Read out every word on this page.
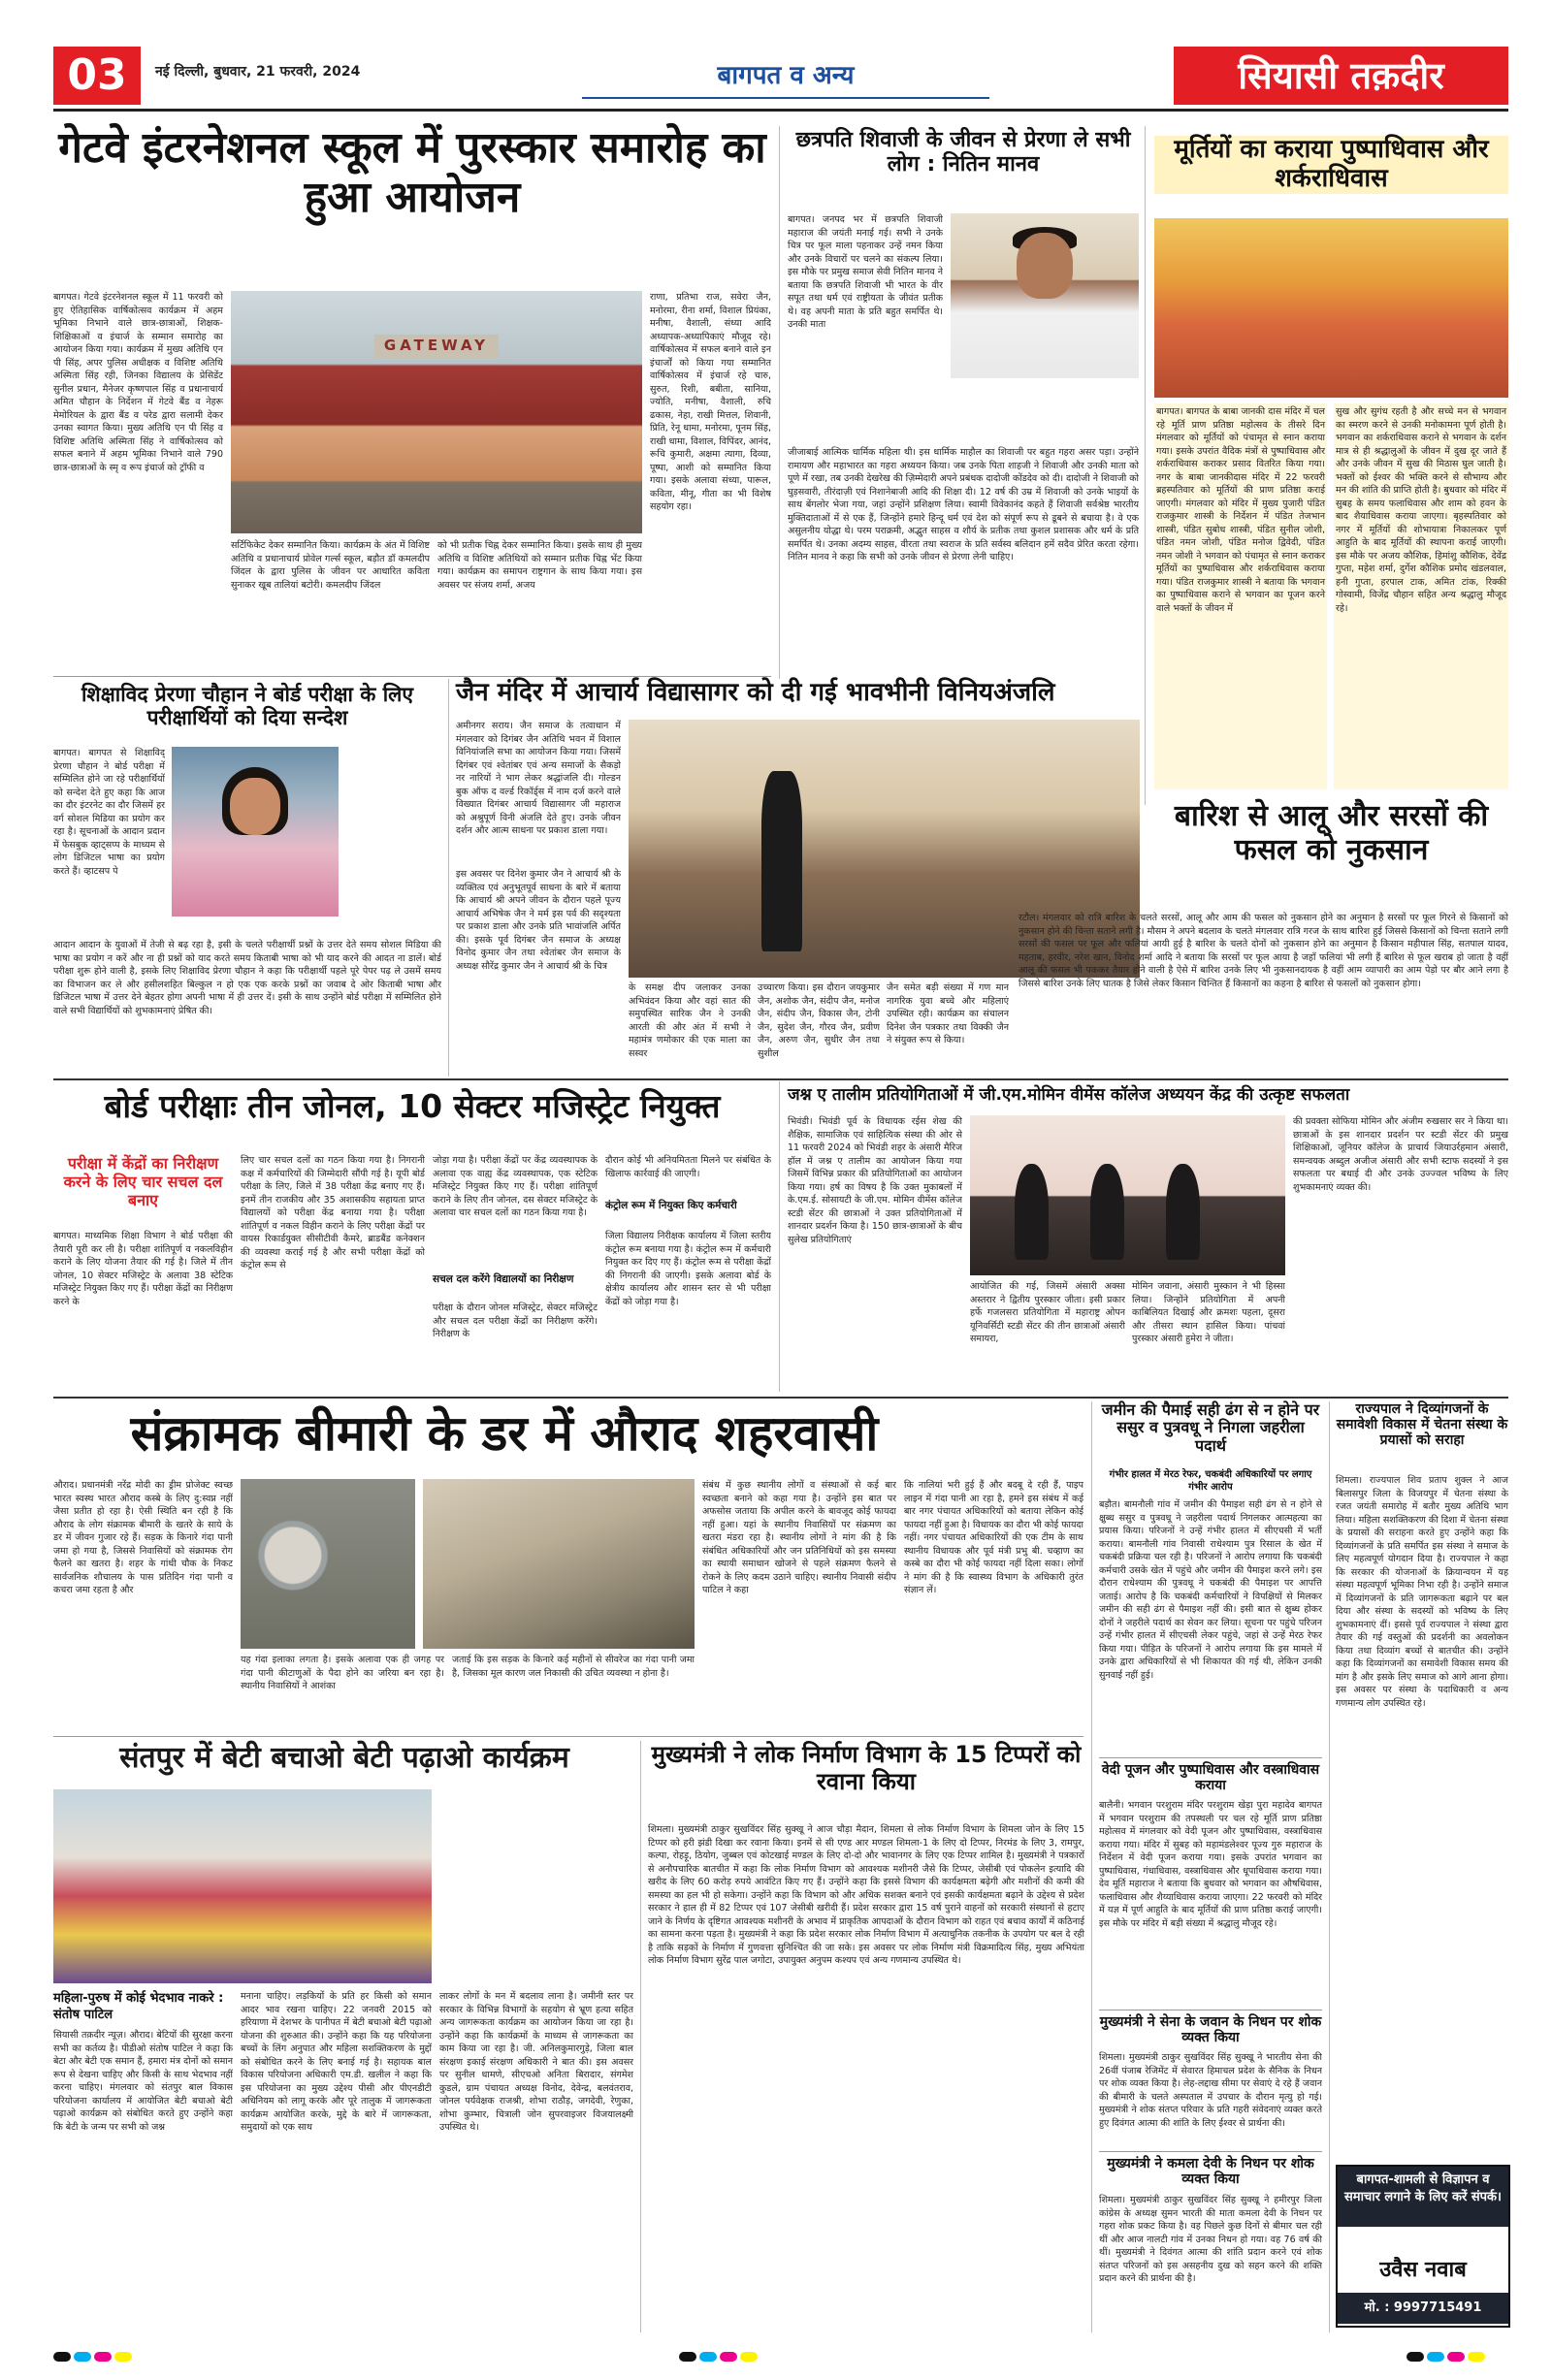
03	नई दिल्ली, बुधवार, 21 फरवरी, 2024	बागपत व अन्य	सियासी तक़दीर
गेटवे इंटरनेशनल स्कूल में पुरस्कार समारोह का हुआ आयोजन
बागपत। गेटवे इंटरनेशनल स्कूल में 11 फरवरी को हुए ऐतिहासिक वार्षिकोत्सव कार्यक्रम में अहम भूमिका निभाने वाले छात्र-छात्राओं, शिक्षक-शिक्षिकाओं व इंचार्ज के सम्मान समारोह का आयोजन किया गया। कार्यक्रम में मुख्य अतिथि एन पी सिंह, अपर पुलिस अधीक्षक व विशिष्ट अतिथि अस्मिता सिंह रही, जिनका विद्यालय के प्रेसिडेंट सुनील प्रधान, मैनेजर कृष्णपाल सिंह व प्रधानाचार्य अमित चौहान के निर्देशन में गेटवे बैंड व नेहरू मेमोरियल के द्वारा बैंड व परेड द्वारा सलामी देकर उनका स्वागत किया। मुख्य अतिथि एन पी सिंह व विशिष्ट अतिथि अस्मिता सिंह ने वार्षिकोत्सव को सफल बनाने में अहम भूमिका निभाने वाले 790 छात्र-छात्राओं के स्मृ व रूप इंचार्ज को ट्रॉफी व
GATEWAY
सर्टिफिकेट देकर सम्मानित किया। कार्यक्रम के अंत में विशिष्ट अतिथि व प्रधानाचार्य प्रोवेल गर्ल्स स्कूल, बड़ौत डॉ कमलदीप जिंदल के द्वारा पुलिस के जीवन पर आधारित कविता सुनाकर खूब तालियां बटोरी। कमलदीप जिंदल
को भी प्रतीक चिह्न देकर सम्मानित किया। इसके साथ ही मुख्य अतिथि व विशिष्ट अतिथियों को सम्मान प्रतीक चिह्न भेंट किया गया। कार्यक्रम का समापन राष्ट्रगान के साथ किया गया। इस अवसर पर संजय शर्मा, अजय
राणा, प्रतिभा राज, सवेरा जैन, मनोरमा, रीना शर्मा, विशाल प्रियंका, मनीषा, वैशाली, संध्या आदि अध्यापक-अध्यापिकाएं मौजूद रहे। वार्षिकोत्सव में सफल बनाने वाले इन इंचार्जों को किया गया सम्मानित वार्षिकोत्सव में इंचार्ज रहे चारु, सुरुत, रिशी, बबीता, सानिया, ज्योति, मनीषा, वैशाली, रुचि ढकास, नेहा, राखी मित्तल, शिवानी, प्रिति, रेनू धामा, मनोरमा, पूनम सिंह, राखी धामा, विशाल, विपिंदर, आनंद, रूचि कुमारी, अक्षमा त्यागा, दिव्या, पूष्पा, आशी को सम्मानित किया गया। इसके अलावा संध्या, पारूल, कविता, मीनू, गीता का भी विशेष सहयोग रहा।
छत्रपति शिवाजी के जीवन से प्रेरणा ले सभी लोग : नितिन मानव
बागपत। जनपद भर में छत्रपति शिवाजी महाराज की जयंती मनाई गई। सभी ने उनके चित्र पर फूल माला पहनाकर उन्हें नमन किया और उनके विचारों पर चलने का संकल्प लिया। इस मौके पर प्रमुख समाज सेवी नितिन मानव ने बताया कि छत्रपति शिवाजी भी भारत के वीर सपूत तथा धर्म एवं राष्ट्रीयता के जीवंत प्रतीक थे। वह अपनी माता के प्रति बहुत समर्पित थे। उनकी माता
जीजाबाई आत्मिक धार्मिक महिला थी। इस धार्मिक माहौल का शिवाजी पर बहुत गहरा असर पड़ा। उन्होंने रामायण और महाभारत का गहरा अध्ययन किया। जब उनके पिता शाहजी ने शिवाजी और उनकी माता को पूणे में रखा, तब उनकी देखरेख की ज़िम्मेदारी अपने प्रबंधक दादोजी कोंडदेव को दी। दादोजी ने शिवाजी को घुड़सवारी, तीरंदाज़ी एवं निशानेबाजी आदि की शिक्षा दी। 12 वर्ष की उम्र में शिवाजी को उनके भाइयों के साथ बेंगलोर भेजा गया, जहां उन्होंने प्रशिक्षण लिया। स्वामी विवेकानंद कहते हैं शिवाजी सर्वश्रेष्ठ भारतीय मुक्तिदाताओं में से एक हैं, जिन्होंने हमारे हिन्दू धर्म एवं देश को संपूर्ण रूप से डूबने से बचाया है। वे एक असुलनीय योद्धा थे। परम पराक्रमी, अद्भुत साहस व शौर्य के प्रतीक तथा कुशल प्रशासक और धर्म के प्रति समर्पित थे। उनका अदम्य साहस, वीरता तथा स्वराज के प्रति सर्वस्व बलिदान हमें सदैव प्रेरित करता रहेगा। नितिन मानव ने कहा कि सभी को उनके जीवन से प्रेरणा लेनी चाहिए।
मूर्तियों का कराया पुष्पाधिवास और शर्कराधिवास
बागपत। बागपत के बाबा जानकी दास मंदिर में चल रहे मूर्ति प्राण प्रतिष्ठा महोत्सव के तीसरे दिन मंगलवार को मूर्तियों को पंचामृत से स्नान कराया गया। इसके उपरांत वैदिक मंत्रों से पुष्पाधिवास और शर्कराधिवास कराकर प्रसाद वितरित किया गया। नगर के बाबा जानकीदास मंदिर में 22 फरवरी ब्रहस्पतिवार को मूर्तियों की प्राण प्रतिष्ठा कराई जाएगी। मंगलवार को मंदिर में मुख्य पुजारी पंडित राजकुमार शास्त्री के निर्देशन में पंडित तेजभान शास्त्री, पंडित सुबोध शास्त्री, पंडित सुनील जोशी, पंडित नमन जोशी, पंडित मनोज द्विवेदी, पंडित नमन जोशी ने भगवान को पंचामृत से स्नान कराकर मूर्तियों का पुष्पाधिवास और शर्कराधिवास कराया गया। पंडित राजकुमार शास्त्री ने बताया कि भगवान का पुष्पाधिवास कराने से भगवान का पूजन करने वाले भक्तों के जीवन में
सुख और सुगंध रहती है और सच्चे मन से भगवान का स्मरण करने से उनकी मनोकामना पूर्ण होती है। भगवान का शर्कराधिवास कराने से भगवान के दर्शन मात्र से ही श्रद्धालुओं के जीवन में दुख दूर जाते हैं और उनके जीवन में सुख की मिठास घुल जाती है। भक्तों को ईश्वर की भक्ति करने से सौभाग्य और मन की शांति की प्राप्ति होती है। बुधवार को मंदिर में सुबह के समय फलाधिवास और शाम को हवन के बाद शैयाधिवास कराया जाएगा। बृहस्पतिवार को नगर में मूर्तियों की शोभायात्रा निकालकर पूर्ण आहुति के बाद मूर्तियों की स्थापना कराई जाएगी। इस मौके पर अजय कौशिक, हिमांशु कौशिक, देवेंद्र गुप्ता, महेश शर्मा, दुर्गेश कौशिक प्रमोद खंडलवाल, हनी गुप्ता, हरपाल टाक, अमित टांक, रिक्की गोस्वामी, विजेंद्र चौहान सहित अन्य श्रद्धालु मौजूद रहे।
शिक्षाविद प्रेरणा चौहान ने बोर्ड परीक्षा के लिए परीक्षार्थियों को दिया सन्देश
बागपत। बागपत से शिक्षाविद् प्रेरणा चौहान ने बोर्ड परीक्षा में सम्मिलित होने जा रहे परीक्षार्थियों को सन्देश देते हुए कहा कि आज का दौर इंटरनेट का दौर जिसमें हर वर्ग सोशल मिडिया का प्रयोग कर रहा है। सूचनाओं के आदान प्रदान में फेसबुक व्हाट्सप्प के माध्यम से लोग डिजिटल भाषा का प्रयोग करते हैं। व्हाटसप पे
आदान आदान के युवाओं में तेजी से बढ़ रहा है, इसी के चलते परीक्षार्थी प्रश्नों के उत्तर देते समय सोशल मिडिया की भाषा का प्रयोग न करें और ना ही प्रश्नों को याद करते समय किताबी भाषा को भी याद करने की आदत ना डालें। बोर्ड परीक्षा शुरू होने वाली है, इसके लिए शिक्षाविद प्रेरणा चौहान ने कहा कि परीक्षार्थी पहले पूरे पेपर पढ़ ले उसमें समय का विभाजन कर ले और हसीलशहित बिल्कुल न हो एक एक करके प्रश्नों का जवाब दे ओर किताबी भाषा और डिजिटल भाषा में उत्तर देने बेहतर होगा अपनी भाषा में ही उत्तर दें। इसी के साथ उन्होंने बोर्ड परीक्षा में सम्मिलित होने वाले सभी विद्यार्थियों को शुभकामनाएं प्रेषित की।
जैन मंदिर में आचार्य विद्यासागर को दी गई भावभीनी विनियअंजलि
अमीनगर सराय। जैन समाज के तत्वाधान में मंगलवार को दिगंबर जैन अतिथि भवन में विशाल विनियांजलि सभा का आयोजन किया गया। जिसमें दिगंबर एवं श्वेतांबर एवं अन्य समाजों के सैकड़ो नर नारियों ने भाग लेकर श्रद्धांजलि दी। गोल्डन बुक ऑफ द वर्ल्ड रिकॉर्ड्स में नाम दर्ज करने वाले विख्यात दिगंबर आचार्य विद्यासागर जी महाराज को अश्रुपूर्ण विनी अंजलि देते हुए। उनके जीवन दर्शन और आत्म साधना पर प्रकाश डाला गया।
इस अवसर पर दिनेश कुमार जैन ने आचार्य श्री के व्यक्तित्व एवं अनुभूतपूर्व साधना के बारे में बताया कि आचार्य श्री अपने जीवन के दौरान पहले पूज्य आचार्य अभिषेक जैन ने मर्म इस पर्व की सदृश्यता पर प्रकाश डाला और उनके प्रति भावांजलि अर्पित की। इसके पूर्व दिगंबर जैन समाज के अध्यक्ष विनोद कुमार जैन तथा श्वेतांबर जैन समाज के अध्यक्ष सौरेंद्र कुमार जैन ने आचार्य श्री के चित्र
के समक्ष दीप जलाकर उनका अभिवंदन किया और वहां सात की समुपस्थित सारिक जैन ने उनकी आरती की और अंत में सभी ने महामंत्र णमोकार की एक माला का सस्वर
उच्चारण किया। इस दौरान जयकुमार जैन, अशोक जैन, संदीप जैन, मनोज जैन, संदीप जैन, विकास जैन, टोनी जैन, सुदेश जैन, गौरव जैन, प्रवीण जैन, अरुण जैन, सुधीर जैन तथा सुशील
जैन समेत बड़ी संख्या में गण मान नागरिक युवा बच्चे और महिलाएं उपस्थित रही। कार्यक्रम का संचालन दिनेश जैन पत्रकार तथा विक्की जैन ने संयुक्त रूप से किया।
बारिश से आलू और सरसों की फसल को नुकसान
रटौल। मंगलवार को रात्रि बारिश के चलते सरसों, आलू और आम की फसल को नुकसान होने का अनुमान है सरसों पर फूल गिरने से किसानों को नुकसान होने की चिन्ता सताने लगी है। मौसम ने अपने बदलाव के चलते मंगलवार रात्रि गरज के साथ बारिश हुई जिससे किसानों को चिन्ता सताने लगी सरसों की फसल पर फूल और फलियां आयी हुई है बारिश के चलते दोनों को नुकसान होने का अनुमान है किसान महीपाल सिंह, सतपाल यादव, महताब, हरवीर, नरेश खान, विनोद शर्मा आदि ने बताया कि सरसों पर फूल आया है जहाँ फलियां भी लगी हैं बारिश से फूल खराब हो जाता है वहीं आलू की फसल भी पककर तैयार होने वाली है ऐसे में बारिश उनके लिए भी नुकसानदायक है वहीं आम व्यापारी का आम पेड़ो पर बौर आने लगा है जिससे बारिश उनके लिए घातक है जिसे लेकर किसान चिन्तित हैं किसानों का कहना है बारिश से फसलों को नुकसान होगा।
बोर्ड परीक्षाः तीन जोनल, 10 सेक्टर मजिस्ट्रेट नियुक्त
परीक्षा में केंद्रों का निरीक्षण करने के लिए चार सचल दल बनाए
बागपत। माध्यमिक शिक्षा विभाग ने बोर्ड परीक्षा की तैयारी पूरी कर ली है। परीक्षा शांतिपूर्ण व नकलविहीन कराने के लिए योजना तैयार की गई है। जिले में तीन जोनल, 10 सेक्टर मजिस्ट्रेट के अलावा 38 स्टेटिक मजिस्ट्रेट नियुक्त किए गए हैं। परीक्षा केंद्रों का निरीक्षण करने के
लिए चार सचल दलों का गठन किया गया है। निगरानी कक्ष में कर्मचारियों की जिम्मेदारी सौंपी गई है। यूपी बोर्ड परीक्षा के लिए, जिले में 38 परीक्षा केंद्र बनाए गए हैं। इनमें तीन राजकीय और 35 अशासकीय सहायता प्राप्त विद्यालयों को परीक्षा केंद्र बनाया गया है। परीक्षा शांतिपूर्ण व नकल विहीन कराने के लिए परीक्षा केंद्रों पर वायस रिकार्डयुक्त सीसीटीवी कैमरे, ब्राडबैंड कनेक्शन की व्यवस्था कराई गई है और सभी परीक्षा केंद्रों को कंट्रोल रूम से
जोड़ा गया है। परीक्षा केंद्रों पर केंद्र व्यवस्थापक के अलावा एक वाह्य केंद्र व्यवस्थापक, एक स्टेटिक मजिस्ट्रेट नियुक्त किए गए हैं। परीक्षा शांतिपूर्ण कराने के लिए तीन जोनल, दस सेक्टर मजिस्ट्रेट के अलावा चार सचल दलों का गठन किया गया है।
सचल दल करेंगे विद्यालयों का निरीक्षण
परीक्षा के दौरान जोनल मजिस्ट्रेट, सेक्टर मजिस्ट्रेट और सचल दल परीक्षा केंद्रों का निरीक्षण करेंगे। निरीक्षण के
दौरान कोई भी अनियमितता मिलने पर संबंधित के खिलाफ कार्रवाई की जाएगी।
कंट्रोल रूम में नियुक्त किए कर्मचारी
जिला विद्यालय निरीक्षक कार्यालय में जिला स्तरीय कंट्रोल रूम बनाया गया है। कंट्रोल रूम में कर्मचारी नियुक्त कर दिए गए हैं। कंट्रोल रूम से परीक्षा केंद्रों की निगरानी की जाएगी। इसके अलावा बोर्ड के क्षेत्रीय कार्यालय और शासन स्तर से भी परीक्षा केंद्रों को जोड़ा गया है।
जश्न ए तालीम प्रतियोगिताओं में जी.एम.मोमिन वीमेंस कॉलेज अध्ययन केंद्र की उत्कृष्ट सफलता
भिवंडी। भिवंडी पूर्व के विधायक रईस शेख की शैक्षिक, सामाजिक एवं साहित्यिक संस्था की ओर से 11 फरवरी 2024 को भिवंडी शहर के अंसारी मैरिज हॉल में जश्न ए तालीम का आयोजन किया गया जिसमें विभिन्न प्रकार की प्रतियोगिताओं का आयोजन किया गया। हर्ष का विषय है कि उक्त मुकाबलों में के.एम.ई. सोसायटी के जी.एम. मोमिन वीमेंस कॉलेज स्टडी सेंटर की छात्राओं ने उक्त प्रतियोगिताओं में शानदार प्रदर्शन किया है। 150 छात्र-छात्राओं के बीच सुलेख प्रतियोगिताएं
आयोजित की गई, जिसमें अंसारी अक्सा अस्तरार ने द्वितीय पुरस्कार जीता। इसी प्रकार हर्फे गजलसरा प्रतियोगिता में महाराष्ट्र ओपन यूनिवर्सिटी स्टडी सेंटर की तीन छात्राओं अंसारी समायरा,
मोमिन जवाना, अंसारी मुस्कान ने भी हिस्सा लिया। जिन्होंने प्रतियोगिता में अपनी काबिलियत दिखाई और क्रमशः पहला, दूसरा और तीसरा स्थान हासिल किया। पांचवां पुरस्कार अंसारी हुमेरा ने जीता।
की प्रवक्ता सोफिया मोमिन और अंजीम रुखसार सर ने किया था। छात्राओं के इस शानदार प्रदर्शन पर स्टडी सेंटर की प्रमुख शिक्षिकाओं, जूनियर कॉलेज के प्राचार्य जियाउर्रहमान अंसारी, समन्वयक अब्दुल अजीज अंसारी और सभी स्टाफ सदस्यों ने इस सफलता पर बधाई दी और उनके उज्ज्वल भविष्य के लिए शुभकामनाएं व्यक्त की।
संक्रामक बीमारी के डर में औराद शहरवासी
औराद। प्रधानमंत्री नरेंद्र मोदी का ड्रीम प्रोजेक्ट स्वच्छ भारत स्वस्थ भारत औराद कस्बे के लिए दु:स्वप्न नहीं जैसा प्रतीत हो रहा है। ऐसी स्थिति बन रही है कि औराद के लोग संक्रामक बीमारी के खतरे के साये के डर में जीवन गुजार रहे हैं। सड़क के किनारे गंदा पानी जमा हो गया है, जिससे निवासियों को संक्रामक रोग फैलने का खतरा है। शहर के गांधी चौक के निकट सार्वजनिक शौचालय के पास प्रतिदिन गंदा पानी व कचरा जमा रहता है और
यह गंदा इलाका लगता है। इसके अलावा एक ही जगह पर गंदा पानी कीटाणुओं के पैदा होने का जरिया बन रहा है। स्थानीय निवासियों ने आशंका
जताई कि इस सड़क के किनारे कई महीनों से सीवरेज का गंदा पानी जमा है, जिसका मूल कारण जल निकासी की उचित व्यवस्था न होना है।
संबंध में कुछ स्थानीय लोगों व संस्थाओं से कई बार स्वच्छता बनाने को कहा गया है। उन्होंने इस बात पर अफसोस जताया कि अपील करने के बावजूद कोई फायदा नहीं हुआ। यहां के स्थानीय निवासियों पर संक्रमण का खतरा मंडरा रहा है। स्थानीय लोगों ने मांग की है कि संबंधित अधिकारियों और जन प्रतिनिधियों को इस समस्या का स्थायी समाधान खोजने से पहले संक्रमण फैलने से रोकने के लिए कदम उठाने चाहिए। स्थानीय निवासी संदीप पाटिल ने कहा
कि नालियां भरी हुई हैं और बदबू दे रही हैं, पाइप लाइन में गंदा पानी आ रहा है, हमने इस संबंध में कई बार नगर पंचायत अधिकारियों को बताया लेकिन कोई फायदा नहीं हुआ है। विधायक का दौरा भी कोई फायदा नहीं। नगर पंचायत अधिकारियों की एक टीम के साथ स्थानीय विधायक और पूर्व मंत्री प्रभु बी. चव्हाण का कस्बे का दौरा भी कोई फायदा नहीं दिला सका। लोगों ने मांग की है कि स्वास्थ्य विभाग के अधिकारी तुरंत संज्ञान लें।
जमीन की पैमाई सही ढंग से न होने पर ससुर व पुत्रवधू ने निगला जहरीला पदार्थ
गंभीर हालत में मेरठ रेफर, चकबंदी अधिकारियों पर लगाए गंभीर आरोप
बड़ौत। बामनौली गांव में जमीन की पैमाइश सही ढंग से न होने से क्षुब्ध ससुर व पुत्रवधू ने जहरीला पदार्थ निगलकर आत्महत्या का प्रयास किया। परिजनों ने उन्हें गंभीर हालत में सीएचसी में भर्ती कराया। बामनौली गांव निवासी राधेश्याम पुत्र रिसाल के खेत में चकबंदी प्रक्रिया चल रही है। परिजनों ने आरोप लगाया कि चकबंदी कर्मचारी उसके खेत में पहुंचे और जमीन की पैमाइश करने लगे। इस दौरान राधेश्याम की पुत्रवधू ने चकबंदी की पैमाइश पर आपत्ति जताई। आरोप है कि चकबंदी कर्मचारियों ने विपक्षियों से मिलकर जमीन की सही ढंग से पैमाइश नहीं की। इसी बात से क्षुब्ध होकर दोनों ने जहरीले पदार्थ का सेवन कर लिया। सूचना पर पहुंचे परिजन उन्हें गंभीर हालत में सीएचसी लेकर पहुंचे, जहां से उन्हें मेरठ रेफर किया गया। पीड़ित के परिजनों ने आरोप लगाया कि इस मामले में उनके द्वारा अधिकारियों से भी शिकायत की गई थी, लेकिन उनकी सुनवाई नहीं हुई।
वेदी पूजन और पुष्पाधिवास और वस्त्राधिवास कराया
बालैनी। भगवान परशुराम मंदिर परशुराम खेड़ा पुरा महादेव बागपत में भगवान परशुराम की तपस्थली पर चल रहे मूर्ति प्राण प्रतिष्ठा महोत्सव में मंगलवार को वेदी पूजन और पुष्पाधिवास, वस्त्राधिवास कराया गया। मंदिर में सुबह को महामंडलेश्वर पूज्य गुरु महाराज के निर्देशन में वेदी पूजन कराया गया। इसके उपरांत भगवान का पुष्पाधिवास, गंधाधिवास, वस्त्राधिवास और धूपाधिवास कराया गया। देव मूर्ति महाराज ने बताया कि बुधवार को भगवान का औषधिवास, फलाधिवास और शैय्याधिवास कराया जाएगा। 22 फरवरी को मंदिर में यज्ञ में पूर्ण आहुति के बाद मूर्तियों की प्राण प्रतिष्ठा कराई जाएगी। इस मौके पर मंदिर में बड़ी संख्या में श्रद्धालु मौजूद रहे।
मुख्यमंत्री ने सेना के जवान के निधन पर शोक व्यक्त किया
शिमला। मुख्यमंत्री ठाकुर सुखविंदर सिंह सुक्खू ने भारतीय सेना की 26वीं पंजाब रेजिमेंट में सेवारत हिमाचल प्रदेश के सैनिक के निधन पर शोक व्यक्त किया है। लेह-लद्दाख सीमा पर सेवाएं दे रहे हैं जवान की बीमारी के चलते अस्पताल में उपचार के दौरान मृत्यु हो गई। मुख्यमंत्री ने शोक संतप्त परिवार के प्रति गहरी संवेदनाएं व्यक्त करते हुए दिवंगत आत्मा की शांति के लिए ईश्वर से प्रार्थना की।
मुख्यमंत्री ने कमला देवी के निधन पर शोक व्यक्त किया
शिमला। मुख्यमंत्री ठाकुर सुखविंदर सिंह सुक्खू ने हमीरपुर जिला कांग्रेस के अध्यक्ष सुमन भारती की माता कमला देवी के निधन पर गहरा शोक प्रकट किया है। वह पिछले कुछ दिनों से बीमार चल रही थीं और आज नालटी गांव में उनका निधन हो गया। वह 76 वर्ष की थीं। मुख्यमंत्री ने दिवंगत आत्मा की शांति प्रदान करने एवं शोक संतप्त परिजनों को इस असहनीय दुख को सहन करने की शक्ति प्रदान करने की प्रार्थना की है।
राज्यपाल ने दिव्यांगजनों के समावेशी विकास में चेतना संस्था के प्रयासों को सराहा
शिमला। राज्यपाल शिव प्रताप शुक्ल ने आज बिलासपुर जिला के विजयपुर में चेतना संस्था के रजत जयंती समारोह में बतौर मुख्य अतिथि भाग लिया। महिला सशक्तिकरण की दिशा में चेतना संस्था के प्रयासों की सराहना करते हुए उन्होंने कहा कि दिव्यांगजनों के प्रति समर्पित इस संस्था ने समाज के लिए महत्वपूर्ण योगदान दिया है। राज्यपाल ने कहा कि सरकार की योजनाओं के क्रियान्वयन में यह संस्था महत्वपूर्ण भूमिका निभा रही है। उन्होंने समाज में दिव्यांगजनों के प्रति जागरूकता बढ़ाने पर बल दिया और संस्था के सदस्यों को भविष्य के लिए शुभकामनाएं दीं। इससे पूर्व राज्यपाल ने संस्था द्वारा तैयार की गई वस्तुओं की प्रदर्शनी का अवलोकन किया तथा दिव्यांग बच्चों से बातचीत की। उन्होंने कहा कि दिव्यांगजनों का समावेशी विकास समय की मांग है और इसके लिए समाज को आगे आना होगा। इस अवसर पर संस्था के पदाधिकारी व अन्य गणमान्य लोग उपस्थित रहे।
बागपत-शामली से विज्ञापन व समाचार लगाने के लिए करें संपर्क।
उवैस नवाब
मो. : 9997715491
संतपुर में बेटी बचाओ बेटी पढ़ाओ कार्यक्रम
महिला-पुरुष में कोई भेदभाव नाकरे : संतोष पाटिल
सियासी तक़दीर न्यूज़। औराद। बेटियों की सुरक्षा करना सभी का कर्तव्य है। पीडीओ संतोष पाटिल ने कहा कि बेटा और बेटी एक समान हैं, हमारा मंत्र दोनों को समान रूप से देखना चाहिए और किसी के साथ भेदभाव नहीं करना चाहिए। मंगलवार को संतपुर बाल विकास परियोजना कार्यालय में आयोजित बेटी बचाओ बेटी पढ़ाओ कार्यक्रम को संबोधित करते हुए उन्होंने कहा कि बेटी के जन्म पर सभी को जश्न
मनाना चाहिए। लड़कियों के प्रति हर किसी को समान आदर भाव रखना चाहिए। 22 जनवरी 2015 को हरियाणा में देशभर के पानीपत में बेटी बचाओ बेटी पढ़ाओ योजना की शुरुआत की। उन्होंने कहा कि यह परियोजना बच्चों के लिंग अनुपात और महिला सशक्तिकरण के मुद्दों को संबोधित करने के लिए बनाई गई है। सहायक बाल विकास परियोजना अधिकारी एम.डी. खलील ने कहा कि इस परियोजना का मुख्य उद्देश्य पीसी और पीएनडीटी अधिनियम को लागू करके और पूरे तालुक में जागरूकता कार्यक्रम आयोजित करके, मुद्दे के बारे में जागरूकता, समुदायों को एक साथ
लाकर लोगों के मन में बदलाव लाना है। जमीनी स्तर पर सरकार के विभिन्न विभागों के सहयोग से भ्रूण हत्या सहित अन्य जागरूकता कार्यक्रम का आयोजन किया जा रहा है। उन्होंने कहा कि कार्यक्रमों के माध्यम से जागरूकता का काम किया जा रहा है। जी. अनिलकुमारगुड़े, जिला बाल संरक्षण इकाई संरक्षण अधिकारी ने बात की। इस अवसर पर सुनील धामणे, सीएचओ अनिता बिरादार, संगमेश कुडले, ग्राम पंचायत अध्यक्ष विनोद, देवेन्द्र, बलवंतराव, जोनल पर्यवेक्षक राजश्री, शोभा राठौड़, जगदेवी, रेणुका, शोभा कुम्भार, चित्राली जोन सुपरवाइजर विजयालक्ष्मी उपस्थित थे।
मुख्यमंत्री ने लोक निर्माण विभाग के 15 टिप्परों को रवाना किया
शिमला। मुख्यमंत्री ठाकुर सुखविंदर सिंह सुक्खू ने आज चौड़ा मैदान, शिमला से लोक निर्माण विभाग के शिमला जोन के लिए 15 टिप्पर को हरी झंडी दिखा कर रवाना किया। इनमें से सी एण्ड आर मण्डल शिमला-1 के लिए दो टिप्पर, निरमंड के लिए 3, रामपुर, कल्पा, रोहड़ू, ठियोग, जुब्बल एवं कोटखाई मण्डल के लिए दो-दो और भावानगर के लिए एक टिप्पर शामिल है। मुख्यमंत्री ने पत्रकारों से अनौपचारिक बातचीत में कहा कि लोक निर्माण विभाग को आवश्यक मशीनरी जैसे कि टिप्पर, जेसीबी एवं पोकलेन इत्यादि की खरीद के लिए 60 करोड़ रुपये आवंटित किए गए हैं। उन्होंने कहा कि इससे विभाग की कार्यक्षमता बढ़ेगी और मशीनों की कमी की समस्या का हल भी हो सकेगा। उन्होंने कहा कि विभाग को और अधिक सशक्त बनाने एवं इसकी कार्यक्षमता बढ़ाने के उद्देश्य से प्रदेश सरकार ने हाल ही में 82 टिप्पर एवं 107 जेसीबी खरीदी हैं। प्रदेश सरकार द्वारा 15 वर्ष पुराने वाहनों को सरकारी संस्थानों से हटाए जाने के निर्णय के दृष्टिगत आवश्यक मशीनरी के अभाव में प्राकृतिक आपदाओं के दौरान विभाग को राहत एवं बचाव कार्यों में कठिनाई का सामना करना पड़ता है। मुख्यमंत्री ने कहा कि प्रदेश सरकार लोक निर्माण विभाग में अत्याधुनिक तकनीक के उपयोग पर बल दे रही है ताकि सड़कों के निर्माण में गुणवत्ता सुनिश्चित की जा सके। इस अवसर पर लोक निर्माण मंत्री विक्रमादित्य सिंह, मुख्य अभियंता लोक निर्माण विभाग सुरेंद्र पाल जगोटा, उपायुक्त अनुपम कश्यप एवं अन्य गणमान्य उपस्थित थे।
